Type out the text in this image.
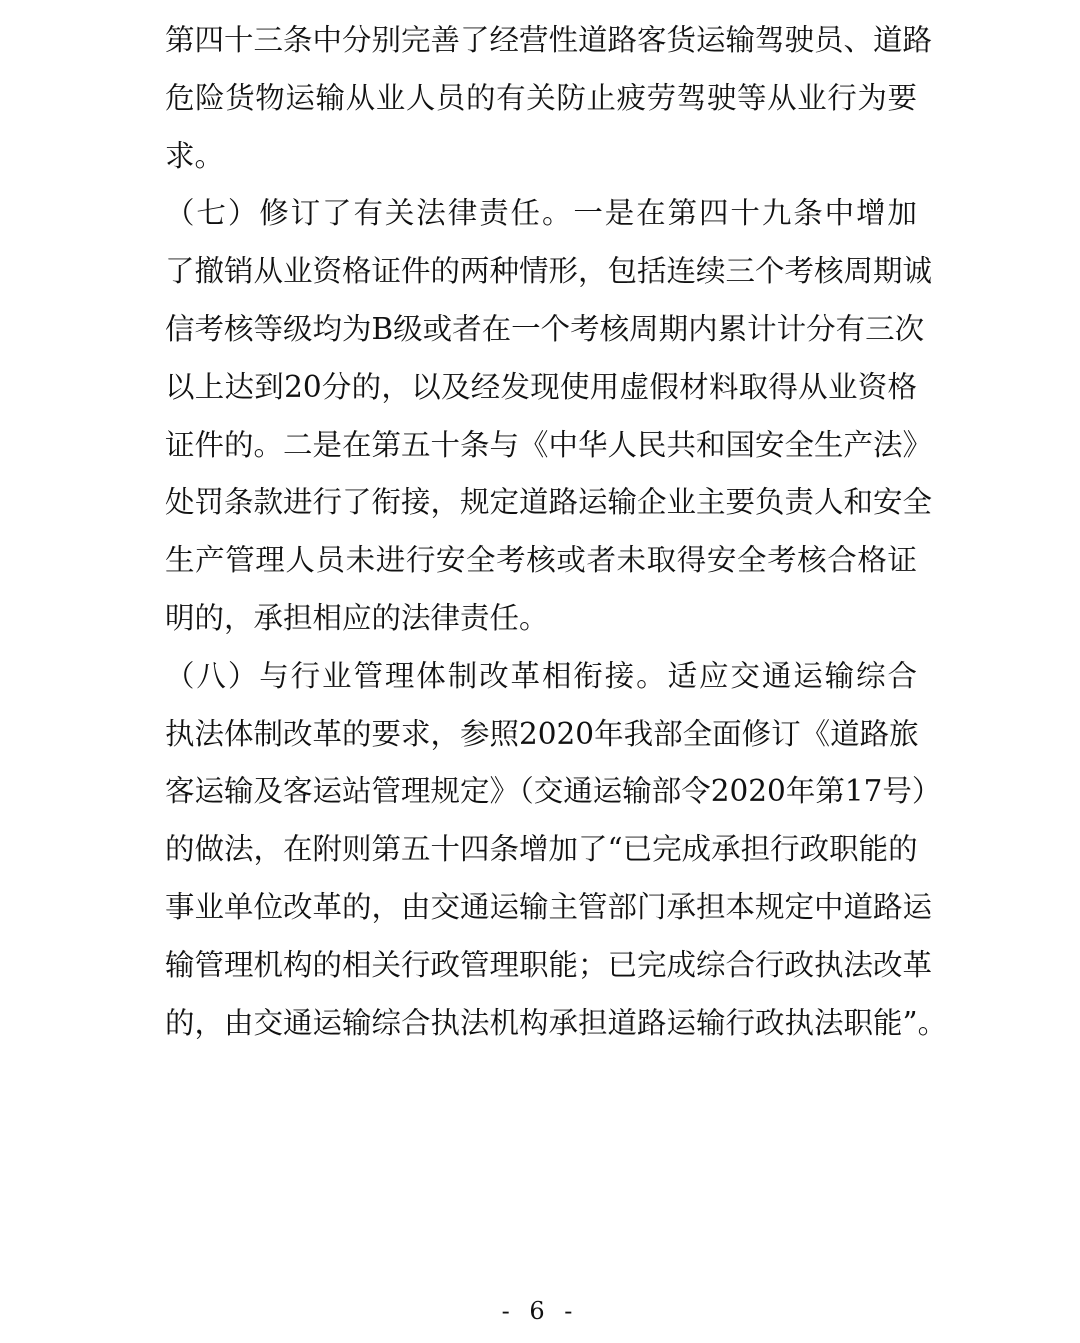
第四十三条中分别完善了经营性道路客货运输驾驶员、道路
危险货物运输从业人员的有关防止疲劳驾驶等从业行为要
求。
（七）修订了有关法律责任。一是在第四十九条中增加
了撤销从业资格证件的两种情形，包括连续三个考核周期诚
信考核等级均为B级或者在一个考核周期内累计计分有三次
以上达到20分的，以及经发现使用虚假材料取得从业资格
证件的。二是在第五十条与《中华人民共和国安全生产法》
处罚条款进行了衔接，规定道路运输企业主要负责人和安全
生产管理人员未进行安全考核或者未取得安全考核合格证
明的，承担相应的法律责任。
（八）与行业管理体制改革相衔接。适应交通运输综合
执法体制改革的要求，参照2020年我部全面修订《道路旅
客运输及客运站管理规定》（交通运输部令2020年第17号）
的做法，在附则第五十四条增加了“已完成承担行政职能的
事业单位改革的，由交通运输主管部门承担本规定中道路运
输管理机构的相关行政管理职能；已完成综合行政执法改革
的，由交通运输综合执法机构承担道路运输行政执法职能”。
- 6 -
